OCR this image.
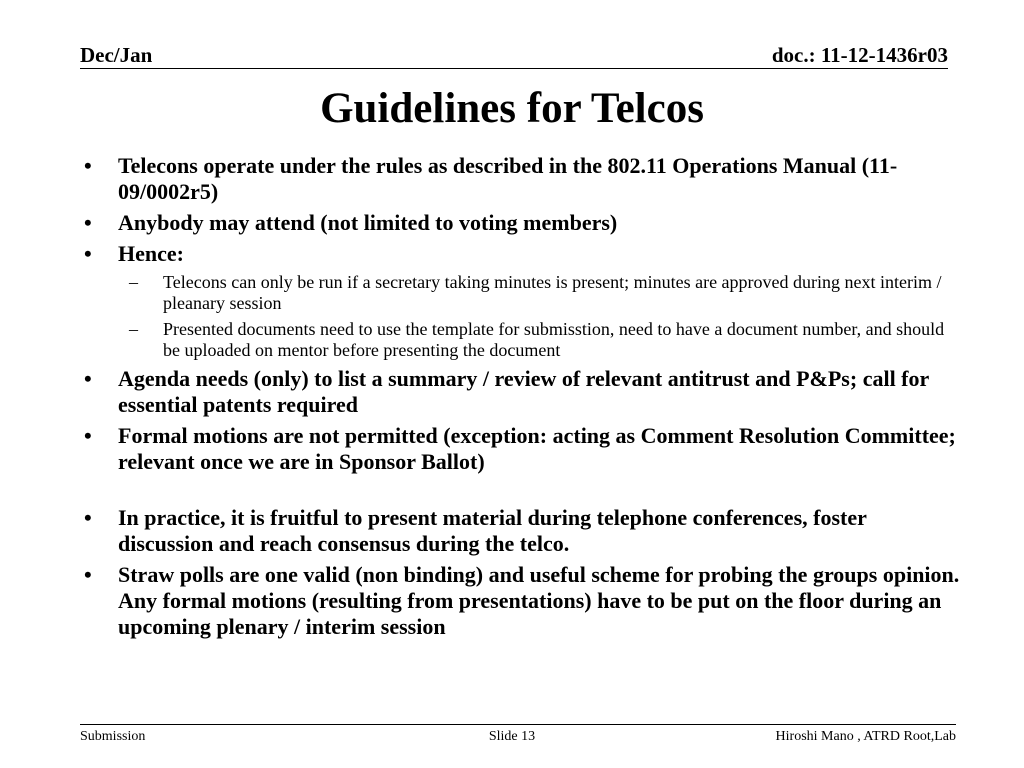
Dec/Jan	doc.: 11-12-1436r03
Guidelines for Telcos
• Telecons operate under the rules as described in the 802.11 Operations Manual (11-09/0002r5)
• Anybody may attend (not limited to voting members)
• Hence:
– Telecons can only be run if a secretary taking minutes is present; minutes are approved during next interim / pleanary session
– Presented documents need to use the template for submisstion, need to have a document number, and should be uploaded on mentor before presenting the document
• Agenda needs (only) to list a summary / review of relevant antitrust and P&Ps; call for essential patents required
• Formal motions are not permitted (exception: acting as Comment Resolution Committee; relevant once we are in Sponsor Ballot)
• In practice, it is fruitful to present material during telephone conferences, foster discussion and reach consensus during the telco.
• Straw polls are one valid (non binding) and useful scheme for probing the groups opinion. Any formal motions (resulting from presentations) have to be put on the floor during an upcoming plenary / interim session
Submission	Slide 13	Hiroshi Mano , ATRD Root,Lab
